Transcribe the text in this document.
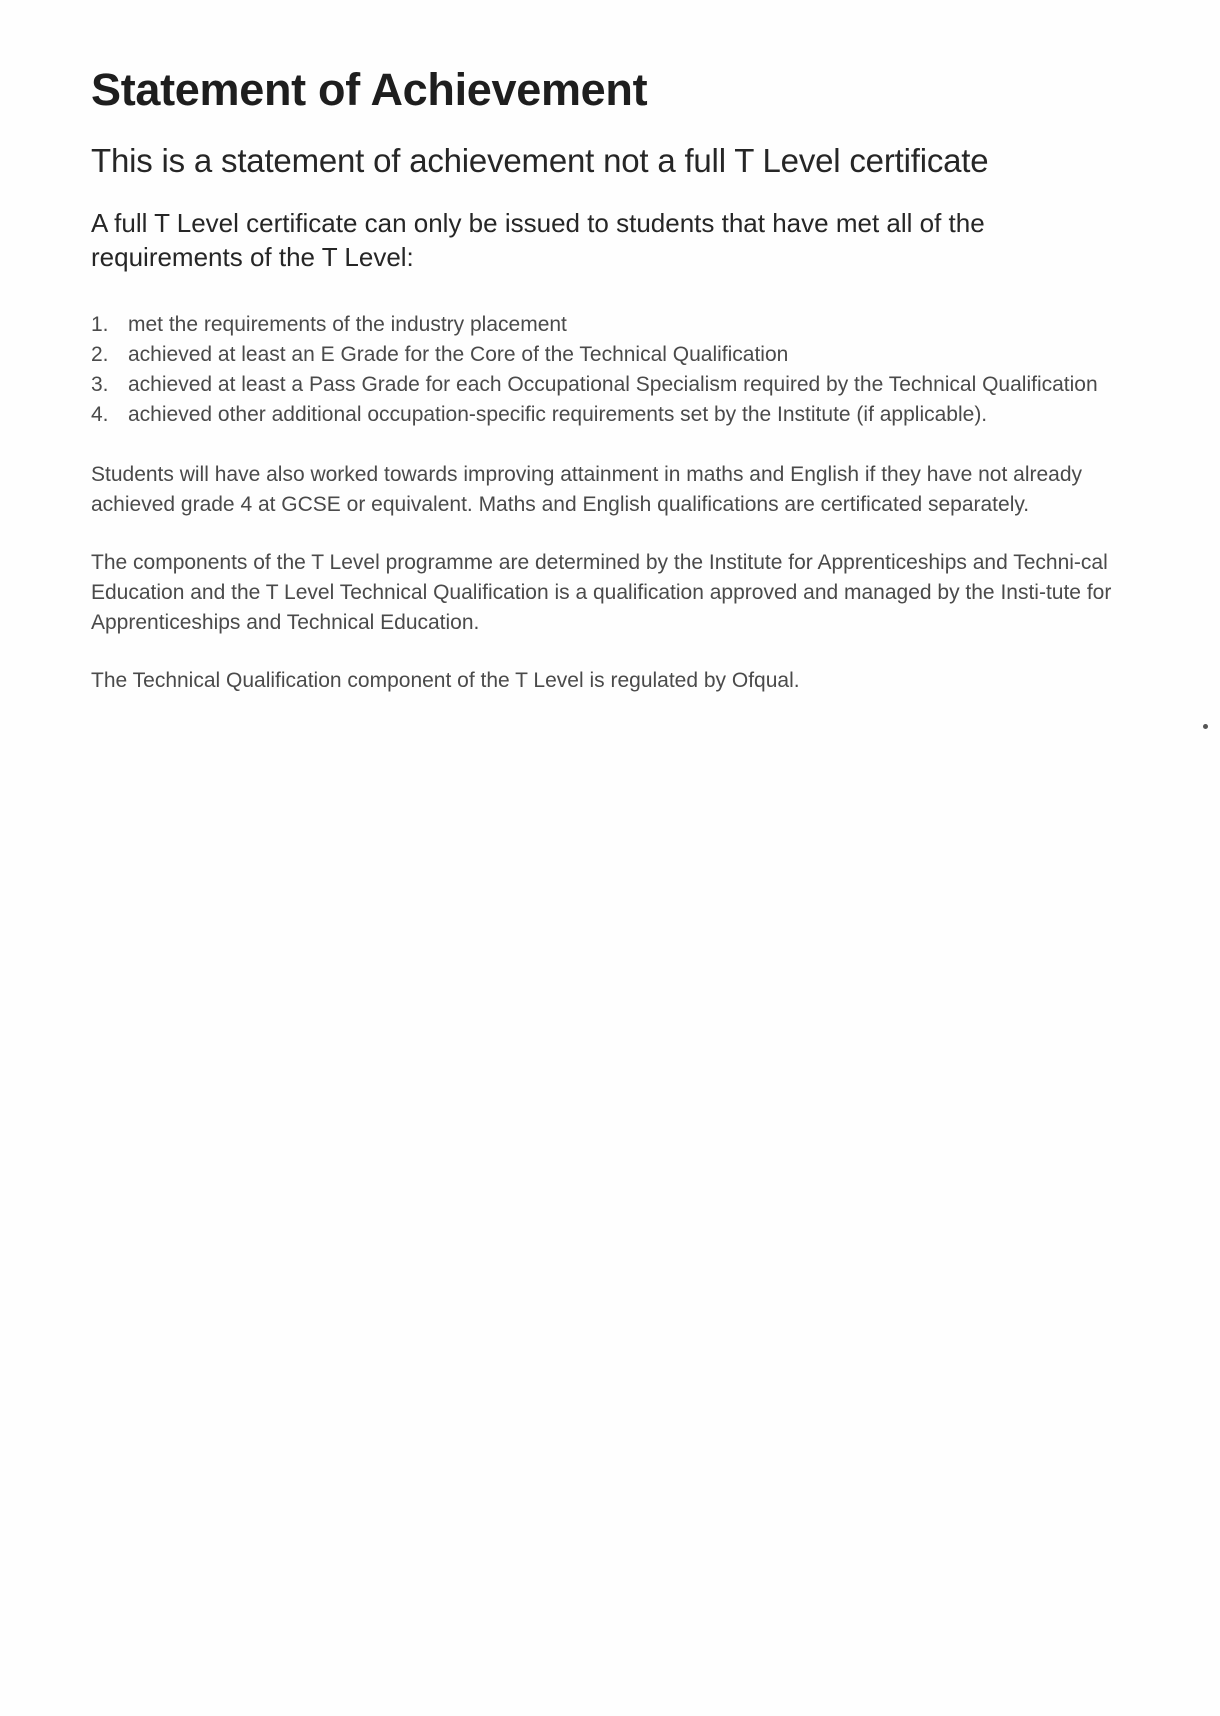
Statement of Achievement
This is a statement of achievement not a full T Level certificate

A full T Level certificate can only be issued to students that have met all of the requirements of the T Level:

1. met the requirements of the industry placement
2. achieved at least an E Grade for the Core of the Technical Qualification
3. achieved at least a Pass Grade for each Occupational Specialism required by the Technical Qualification
4. achieved other additional occupation-specific requirements set by the Institute (if applicable).

Students will have also worked towards improving attainment in maths and English if they have not already achieved grade 4 at GCSE or equivalent. Maths and English qualifications are certificated separately.

The components of the T Level programme are determined by the Institute for Apprenticeships and Techni-cal Education and the T Level Technical Qualification is a qualification approved and managed by the Insti-tute for Apprenticeships and Technical Education.

The Technical Qualification component of the T Level is regulated by Ofqual.
